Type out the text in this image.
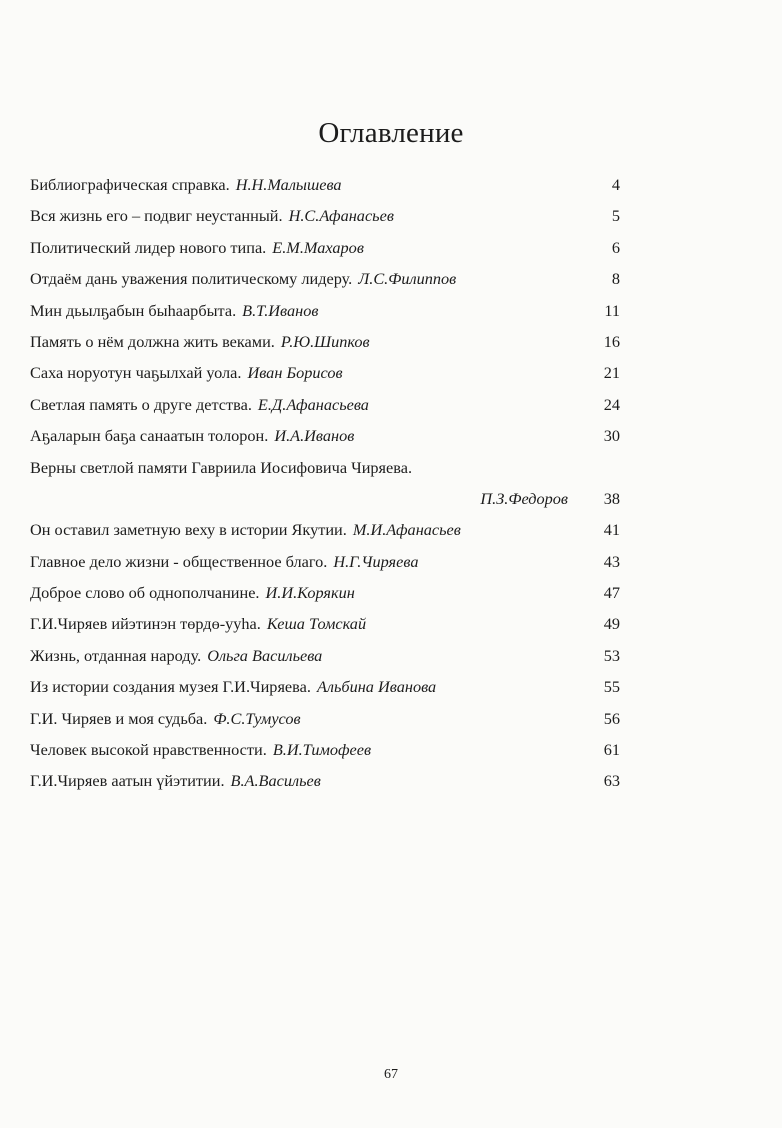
Оглавление
Библиографическая справка. Н.Н.Малышева	4
Вся жизнь его – подвиг неустанный. Н.С.Афанасьев	5
Политический лидер нового типа. Е.М.Махаров	6
Отдаём дань уважения политическому лидеру. Л.С.Филиппов	8
Мин дьылҕабын быһаарбыта. В.Т.Иванов	11
Память о нём должна жить веками. Р.Ю.Шипков	16
Саха норуотун чаҕылхай уола. Иван Борисов	21
Светлая память о друге детства. Е.Д.Афанасьева	24
Аҕаларын баҕа санаатын толорон. И.А.Иванов	30
Верны светлой памяти Гавриила Иосифовича Чиряева.
П.З.Федоров 38
Он оставил заметную веху в истории Якутии. М.И.Афанасьев	41
Главное дело жизни - общественное благо. Н.Г.Чиряева	43
Доброе слово об однополчанине. И.И.Корякин	47
Г.И.Чиряев ийэтинэн төрдө-ууһа. Кеша Томскай	49
Жизнь, отданная народу. Ольга Васильева	53
Из истории создания музея Г.И.Чиряева. Альбина Иванова	55
Г.И. Чиряев и моя судьба. Ф.С.Тумусов	56
Человек высокой нравственности. В.И.Тимофеев	61
Г.И.Чиряев аатын үйэтитии. В.А.Васильев	63
67
